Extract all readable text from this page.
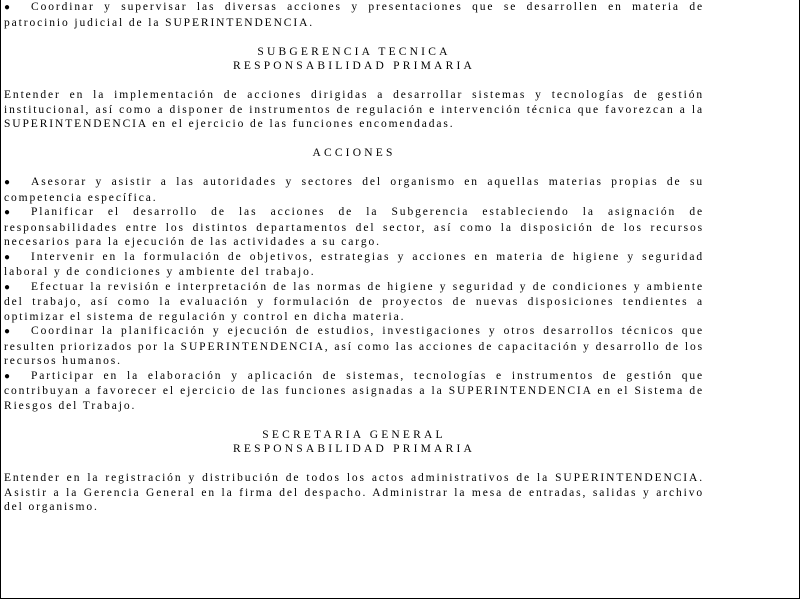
● Coordinar y supervisar las diversas acciones y presentaciones que se desarrollen en materia de patrocinio judicial de la SUPERINTENDENCIA.

SUBGERENCIA TECNICA

RESPONSABILIDAD PRIMARIA

Entender en la implementación de acciones dirigidas a desarrollar sistemas y tecnologías de gestión institucional, así como a disponer de instrumentos de regulación e intervención técnica que favorezcan a la SUPERINTENDENCIA en el ejercicio de las funciones encomendadas.

ACCIONES

● Asesorar y asistir a las autoridades y sectores del organismo en aquellas materias propias de su competencia específica.

● Planificar el desarrollo de las acciones de la Subgerencia estableciendo la asignación de responsabilidades entre los distintos departamentos del sector, así como la disposición de los recursos necesarios para la ejecución de las actividades a su cargo.

● Intervenir en la formulación de objetivos, estrategias y acciones en materia de higiene y seguridad laboral y de condiciones y ambiente del trabajo.

● Efectuar la revisión e interpretación de las normas de higiene y seguridad y de condiciones y ambiente del trabajo, así como la evaluación y formulación de proyectos de nuevas disposiciones tendientes a optimizar el sistema de regulación y control en dicha materia.

● Coordinar la planificación y ejecución de estudios, investigaciones y otros desarrollos técnicos que resulten priorizados por la SUPERINTENDENCIA, así como las acciones de capacitación y desarrollo de los recursos humanos.

● Participar en la elaboración y aplicación de sistemas, tecnologías e instrumentos de gestión que contribuyan a favorecer el ejercicio de las funciones asignadas a la SUPERINTENDENCIA en el Sistema de Riesgos del Trabajo.

SECRETARIA GENERAL

RESPONSABILIDAD PRIMARIA

Entender en la registración y distribución de todos los actos administrativos de la SUPERINTENDENCIA. Asistir a la Gerencia General en la firma del despacho. Administrar la mesa de entradas, salidas y archivo del organismo.
